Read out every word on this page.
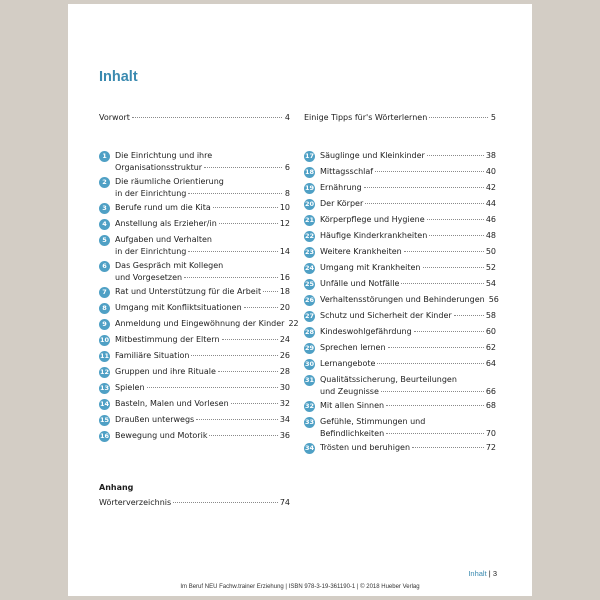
Inhalt
Vorwort	4
1	Die Einrichtung und ihre
Organisationsstruktur	6
2	Die räumliche Orientierung
in der Einrichtung	8
3	Berufe rund um die Kita	10
4	Anstellung als Erzieher/in	12
5	Aufgaben und Verhalten
in der Einrichtung	14
6	Das Gespräch mit Kollegen
und Vorgesetzen	16
7	Rat und Unterstützung für die Arbeit 18
8	Umgang mit Konfliktsituationen	20
9	Anmeldung und Eingewöhnung der Kinder 22
10 Mitbestimmung der Eltern	24
11 Familiäre Situation	26
12 Gruppen und ihre Rituale	28
13 Spielen	30
14 Basteln, Malen und Vorlesen	32
15 Draußen unterwegs	34
16 Bewegung und Motorik	36
Einige Tipps für's Wörterlernen	5
17 Säuglinge und Kleinkinder	38
18 Mittagsschlaf	40
19 Ernährung	42
20 Der Körper	44
21 Körperpflege und Hygiene	46
22 Häufige Kinderkrankheiten	48
23 Weitere Krankheiten	50
24 Umgang mit Krankheiten	52
25 Unfälle und Notfälle	54
26 Verhaltensstörungen und Behinderungen 56
27 Schutz und Sicherheit der Kinder	58
28 Kindeswohlgefährdung	60
29 Sprechen lernen	62
30 Lernangebote	64
31 Qualitätssicherung, Beurteilungen
und Zeugnisse	66
32 Mit allen Sinnen	68
33 Gefühle, Stimmungen und
Befindlichkeiten	70
34 Trösten und beruhigen	72
Anhang
Wörterverzeichnis	74
Inhalt | 3
Im Beruf NEU Fachw.trainer Erziehung | ISBN 978-3-19-361190-1 | © 2018 Hueber Verlag
